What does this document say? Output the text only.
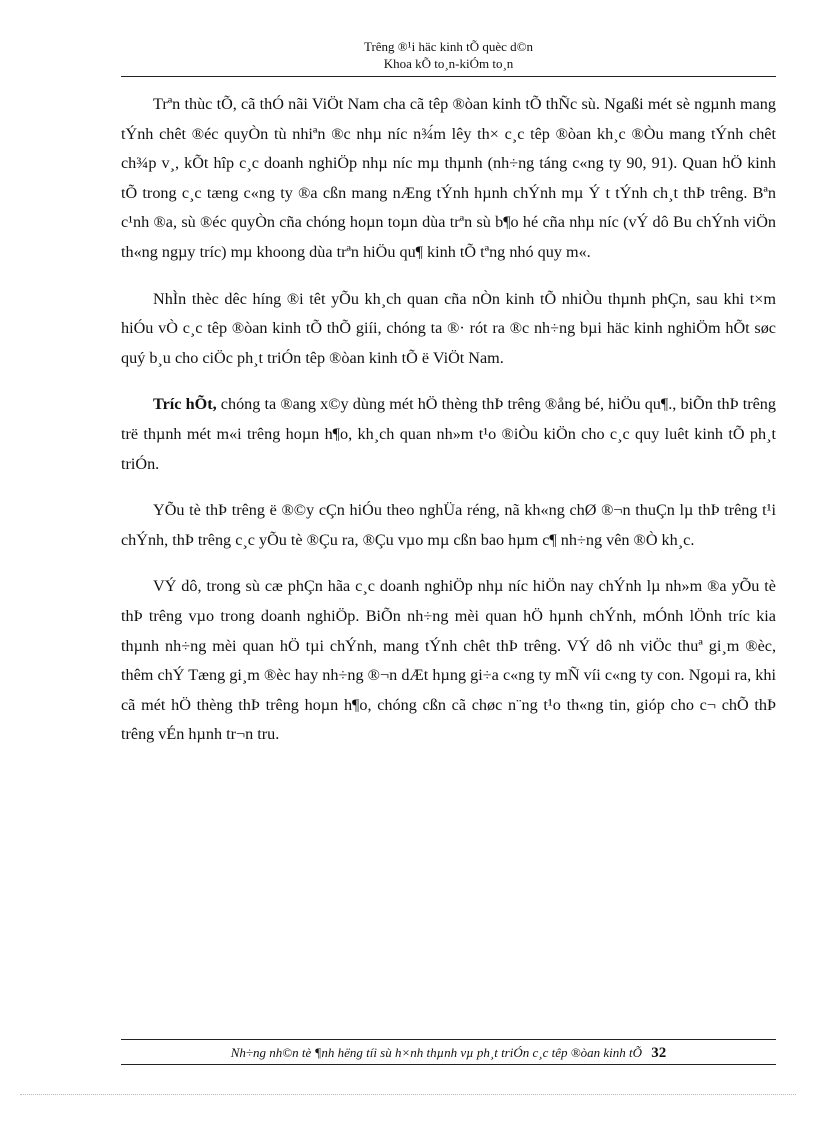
Trêng ®¹i häc kinh tÕ quèc d©n
Khoa kÕ to¸n-kiÓm to¸n

Trªn thùc tÕ, cã thÓ nãi ViÖt Nam cha cã têp ®òan kinh tÕ thÑc sù. Ngaßi mét sè ngµnh mang tÝnh chêt ®éc quyÒn tù nhiªn ®c nhµ níc n¾́m lêy th× c¸c têp ®òan kh¸c ®Òu mang tÝnh chêt ch¾p v¸, kÕt hîp c¸c doanh nghiÖp nhµ níc mµ thµnh (nh÷ng táng c«ng ty 90, 91). Quan hÖ kinh tÕ trong c¸c tæng c«ng ty ®a cßn mang nÆng tÝnh hµnh chÝnh mµ Ý t tÝnh ch¸t thÞ trêng. Bªn c¹nh ®a, sù ®éc quyÒn cña chóng hoµn toµn dùa trªn sù b¶o hé cña nhµ níc (vÝ dô Bu chÝnh viÖn th«ng ngµy tríc) mµ khoong dùa trªn hiÖu qu¶ kinh tÕ tªng nhó quy m«.

NhÌn thèc dêc híng ®i têt yÕu kh¸ch quan cña nÒn kinh tÕ nhiÒu thµnh phÇn, sau khi t×m hiÓu vÒ c¸c têp ®òan kinh tÕ thÕ giíi, chóng ta ®· rót ra ®c nh÷ng bµi häc kinh nghiÖm hÕt søc quý b¸u cho ciÖc ph¸t triÓn têp ®òan kinh tÕ ë ViÖt Nam.

Tríc hÕt, chóng ta ®ang x©y dùng mét hÖ thèng thÞ trêng ®ång bé, hiÖu qu¶., biÕn thÞ trêng trë thµnh mét m«i trêng hoµn h¶o, kh¸ch quan nh»m t¹o ®iÒu kiÖn cho c¸c quy luêt kinh tÕ ph¸t triÓn.

YÕu tè thÞ trêng ë ®©y cÇn hiÓu theo nghÜa réng, nã kh«ng chØ ®¬n thuÇn lµ thÞ trêng t¹i chÝnh, thÞ trêng c¸c yÕu tè ®Çu ra, ®Çu vµo mµ cßn bao hµm c¶ nh÷ng vên ®Ò kh¸c.

VÝ dô, trong sù cæ phÇn hãa c¸c doanh nghiÖp nhµ níc hiÖn nay chÝnh lµ nh»m ®a yÕu tè thÞ trêng vµo trong doanh nghiÖp. BiÕn nh÷ng mèi quan hÖ hµnh chÝnh, mÓnh lÖnh tríc kia thµnh nh÷ng mèi quan hÖ tµi chÝnh, mang tÝnh chêt thÞ trêng. VÝ dô nh viÖc thuª gi¸m ®èc, thêm chÝ Tæng gi¸m ®èc hay nh÷ng ®¬n dÆt hµng gi÷a c«ng ty mÑ víi c«ng ty con. Ngoµi ra, khi cã mét hÖ thèng thÞ trêng hoµn h¶o, chóng cßn cã chøc n¨ng t¹o th«ng tin, gióp cho c¬ chÕ thÞ trêng vÉn hµnh tr¬n tru.

Nh÷ng nh©n tè ¶nh hëng tíi sù h×nh thµnh vµ ph¸t triÓn c¸c têp ®òan kinh tÕ 32
